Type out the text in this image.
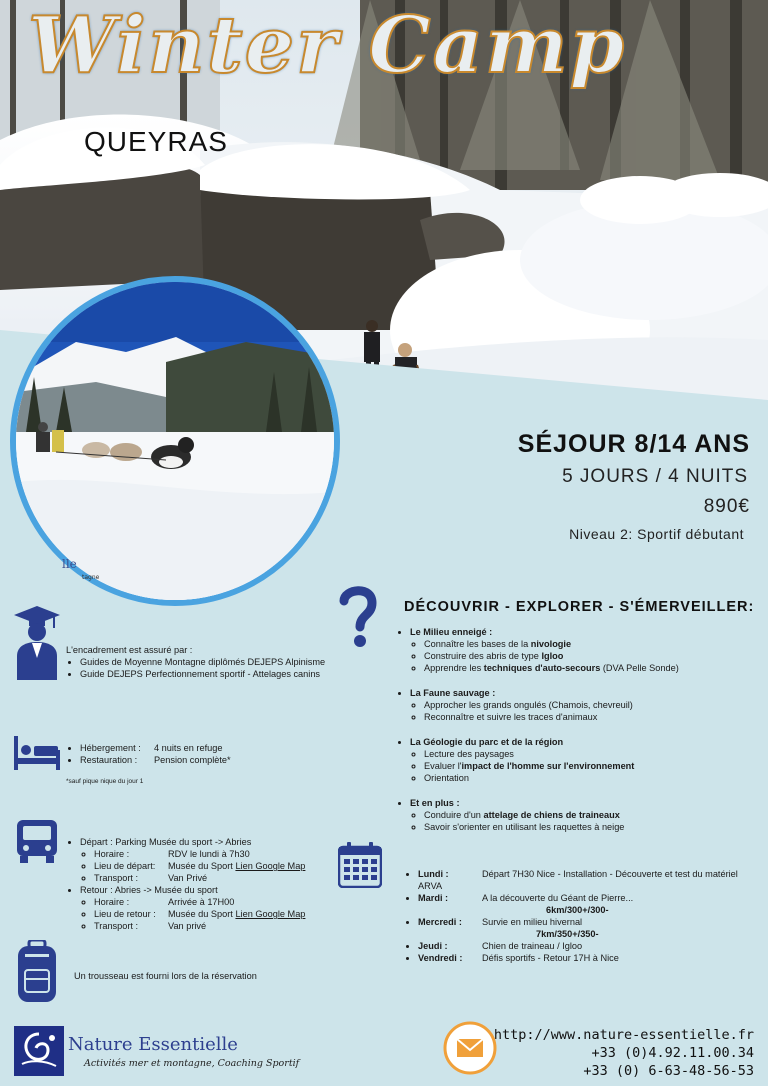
Winter Camp
QUEYRAS
lle
tagne
SÉJOUR 8/14 ANS
5 JOURS / 4 NUITS
890€
Niveau 2: Sportif débutant
L'encadrement est assuré par :
• Guides de Moyenne Montagne diplômés DEJEPS Alpinisme
• Guide DEJEPS Perfectionnement sportif - Attelages canins
• Hébergement : 4 nuits en refuge
• Restauration : Pension complète*
*sauf pique nique du jour 1
• Départ : Parking Musée du sport -> Abries
◦ Horaire :	RDV le lundi à 7h30
◦ Lieu de départ: Musée du Sport Lien Google Map
◦ Transport :	Van Privé
• Retour : Abries -> Musée du sport
◦ Horaire :	Arrivée à 17H00
◦ Lieu de retour : Musée du Sport Lien Google Map
◦ Transport :	Van privé
Un trousseau est fourni lors de la réservation
DÉCOUVRIR - EXPLORER - S'ÉMERVEILLER:
• Le Milieu enneigé :
◦ Connaître les bases de la nivologie
◦ Construire des abris de type Igloo
◦ Apprendre les techniques d'auto-secours (DVA Pelle Sonde)
• La Faune sauvage :
◦ Approcher les grands ongulés (Chamois, chevreuil)
◦ Reconnaître et suivre les traces d'animaux
• La Géologie du parc et de la région
◦ Lecture des paysages
◦ Evaluer l'impact de l'homme sur l'environnement
◦ Orientation
• Et en plus :
◦ Conduire d'un attelage de chiens de traineaux
◦ Savoir s'orienter en utilisant les raquettes à neige
• Lundi :	Départ 7H30 Nice - Installation - Découverte et test du matériel ARVA
• Mardi :	A la découverte du Géant de Pierre...
6km/300+/300-
• Mercredi : Survie en milieu hivernal
7km/350+/350-
• Jeudi :	Chien de traineau / Igloo
• Vendredi : Défis sportifs - Retour 17H à Nice
Nature Essentielle
Activités mer et montagne, Coaching Sportif
http://www.nature-essentielle.fr
+33 (0)4.92.11.00.34
+33 (0) 6-63-48-56-53
